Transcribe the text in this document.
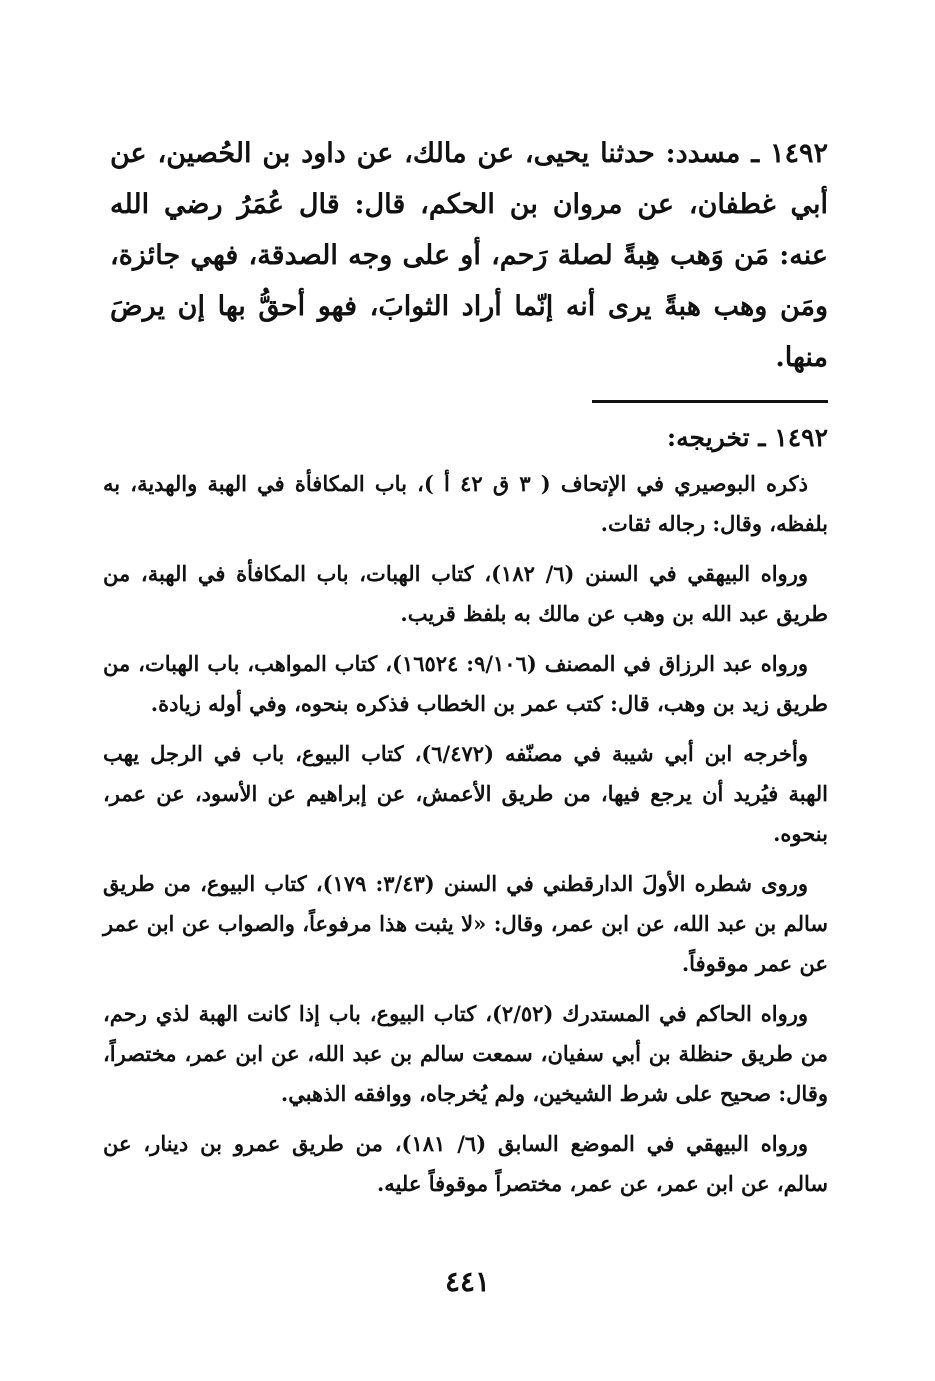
١٤٩٢ ـ مسدد: حدثنا يحيى، عن مالك، عن داود بن الحُصين، عن أبي غطفان، عن مروان بن الحكم، قال: قال عُمَرُ رضي الله عنه: مَن وَهب هِبةً لصلة رَحم، أو على وجه الصدقة، فهي جائزة، ومَن وهب هبةً يرى أنه إنّما أراد الثوابَ، فهو أحقُّ بها إن يرضَ منها.

١٤٩٢ ـ تخريجه:

ذكره البوصيري في الإتحاف ( ٣ ق ٤٢ أ )، باب المكافأة في الهبة والهدية، به بلفظه، وقال: رجاله ثقات.

ورواه البيهقي في السنن (٦/ ١٨٢)، كتاب الهبات، باب المكافأة في الهبة، من طريق عبد الله بن وهب عن مالك به بلفظ قريب.

ورواه عبد الرزاق في المصنف (٩/١٠٦: ١٦٥٢٤)، كتاب المواهب، باب الهبات، من طريق زيد بن وهب، قال: كتب عمر بن الخطاب فذكره بنحوه، وفي أوله زيادة.

وأخرجه ابن أبي شيبة في مصنّفه (٦/٤٧٢)، كتاب البيوع، باب في الرجل يهب الهبة فيُريد أن يرجع فيها، من طريق الأعمش، عن إبراهيم عن الأسود، عن عمر، بنحوه.

وروى شطره الأولَ الدارقطني في السنن (٣/٤٣: ١٧٩)، كتاب البيوع، من طريق سالم بن عبد الله، عن ابن عمر، وقال: «لا يثبت هذا مرفوعاً، والصواب عن ابن عمر عن عمر موقوفاً.

ورواه الحاكم في المستدرك (٢/٥٢)، كتاب البيوع، باب إذا كانت الهبة لذي رحم، من طريق حنظلة بن أبي سفيان، سمعت سالم بن عبد الله، عن ابن عمر، مختصراً، وقال: صحيح على شرط الشيخين، ولم يُخرجاه، ووافقه الذهبي.

ورواه البيهقي في الموضع السابق (٦/ ١٨١)، من طريق عمرو بن دينار، عن سالم، عن ابن عمر، عن عمر، مختصراً موقوفاً عليه.

٤٤١
